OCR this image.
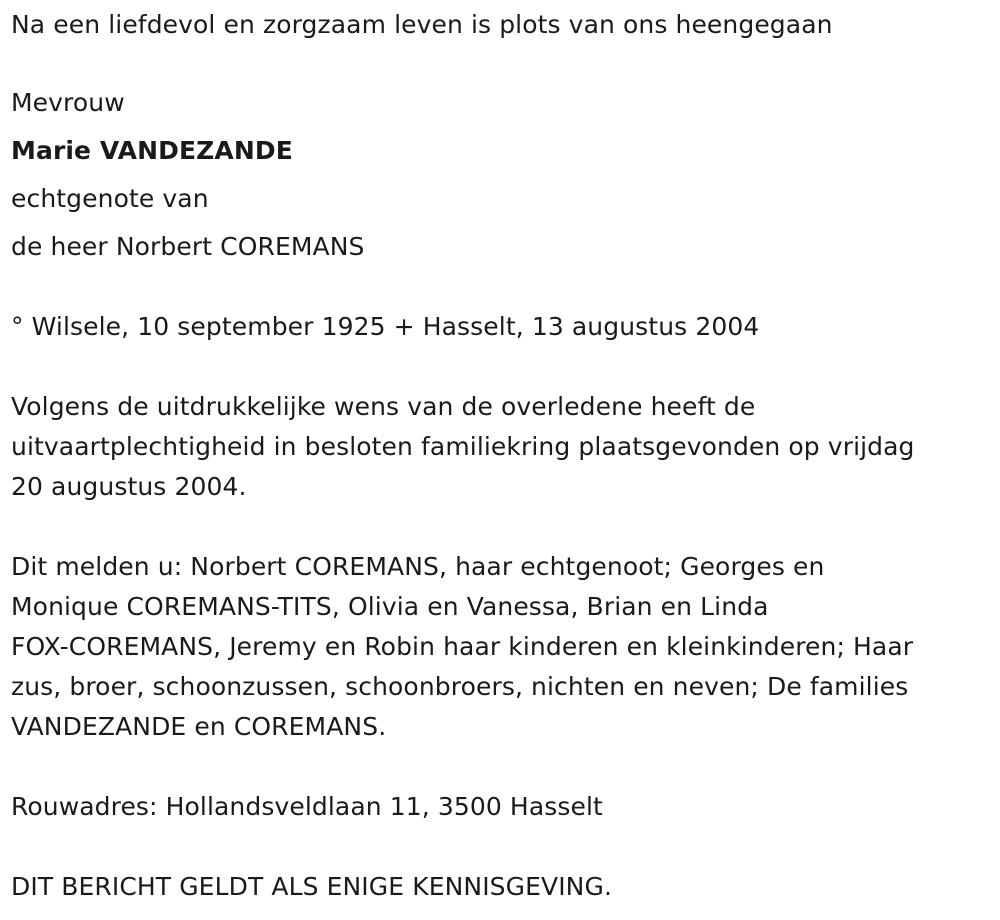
Na een liefdevol en zorgzaam leven is plots van ons heengegaan
Mevrouw
Marie VANDEZANDE
echtgenote van
de heer Norbert COREMANS
° Wilsele, 10 september 1925 + Hasselt, 13 augustus 2004
Volgens de uitdrukkelijke wens van de overledene heeft de
uitvaartplechtigheid in besloten familiekring plaatsgevonden op vrijdag
20 augustus 2004.
Dit melden u: Norbert COREMANS, haar echtgenoot; Georges en
Monique COREMANS-TITS, Olivia en Vanessa, Brian en Linda
FOX-COREMANS, Jeremy en Robin haar kinderen en kleinkinderen; Haar
zus, broer, schoonzussen, schoonbroers, nichten en neven; De families
VANDEZANDE en COREMANS.
Rouwadres: Hollandsveldlaan 11, 3500 Hasselt
DIT BERICHT GELDT ALS ENIGE KENNISGEVING.
